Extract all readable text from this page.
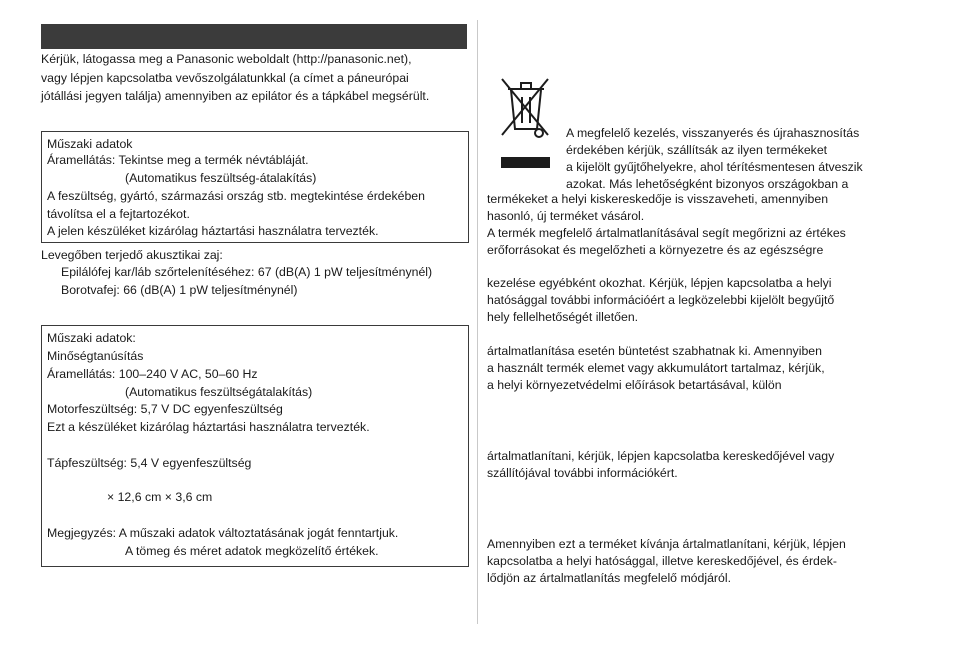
Kérjük, látogassa meg a Panasonic weboldalt (http://panasonic.net),
vagy lépjen kapcsolatba vevőszolgálatunkkal (a címet a páneurópai
jótállási jegyen találja) amennyiben az epilátor és a tápkábel megsérült.
Műszaki adatok
Áramellátás: Tekintse meg a termék névtábláját.
(Automatikus feszültség-átalakítás)
A feszültség, gyártó, származási ország stb. megtekintése érdekében
távolítsa el a fejtartozékot.
A jelen készüléket kizárólag háztartási használatra tervezték.
Levegőben terjedő akusztikai zaj:
Epilálófej kar/láb szőrtelenítéséhez: 67 (dB(A) 1 pW teljesítménynél)
Borotvafej: 66 (dB(A) 1 pW teljesítménynél)
Műszaki adatok:
Minőségtanúsítás
Áramellátás: 100–240 V AC, 50–60 Hz
(Automatikus feszültségátalakítás)
Motorfeszültség: 5,7 V DC egyenfeszültség
Ezt a készüléket kizárólag háztartási használatra tervezték.
Tápfeszültség: 5,4 V egyenfeszültség
× 12,6 cm × 3,6 cm
Megjegyzés: A műszaki adatok változtatásának jogát fenntartjuk.
A tömeg és méret adatok megközelítő értékek.
A megfelelő kezelés, visszanyerés és újrahasznosítás
érdekében kérjük, szállítsák az ilyen termékeket
a kijelölt gyűjtőhelyekre, ahol térítésmentesen átveszik
azokat. Más lehetőségként bizonyos országokban a
termékeket a helyi kiskereskedője is visszaveheti, amennyiben
hasonló, új terméket vásárol.
A termék megfelelő ártalmatlanításával segít megőrizni az értékes
erőforrásokat és megelőzheti a környezetre és az egészségre
kezelése egyébként okozhat. Kérjük, lépjen kapcsolatba a helyi
hatósággal további információért a legközelebbi kijelölt begyűjtő
hely fellelhetőségét illetően.
ártalmatlanítása esetén büntetést szabhatnak ki. Amennyiben
a használt termék elemet vagy akkumulátort tartalmaz, kérjük,
a helyi környezetvédelmi előírások betartásával, külön
ártalmatlanítani, kérjük, lépjen kapcsolatba kereskedőjével vagy
szállítójával további információkért.
Amennyiben ezt a terméket kívánja ártalmatlanítani, kérjük, lépjen
kapcsolatba a helyi hatósággal, illetve kereskedőjével, és érdek-
lődjön az ártalmatlanítás megfelelő módjáról.
